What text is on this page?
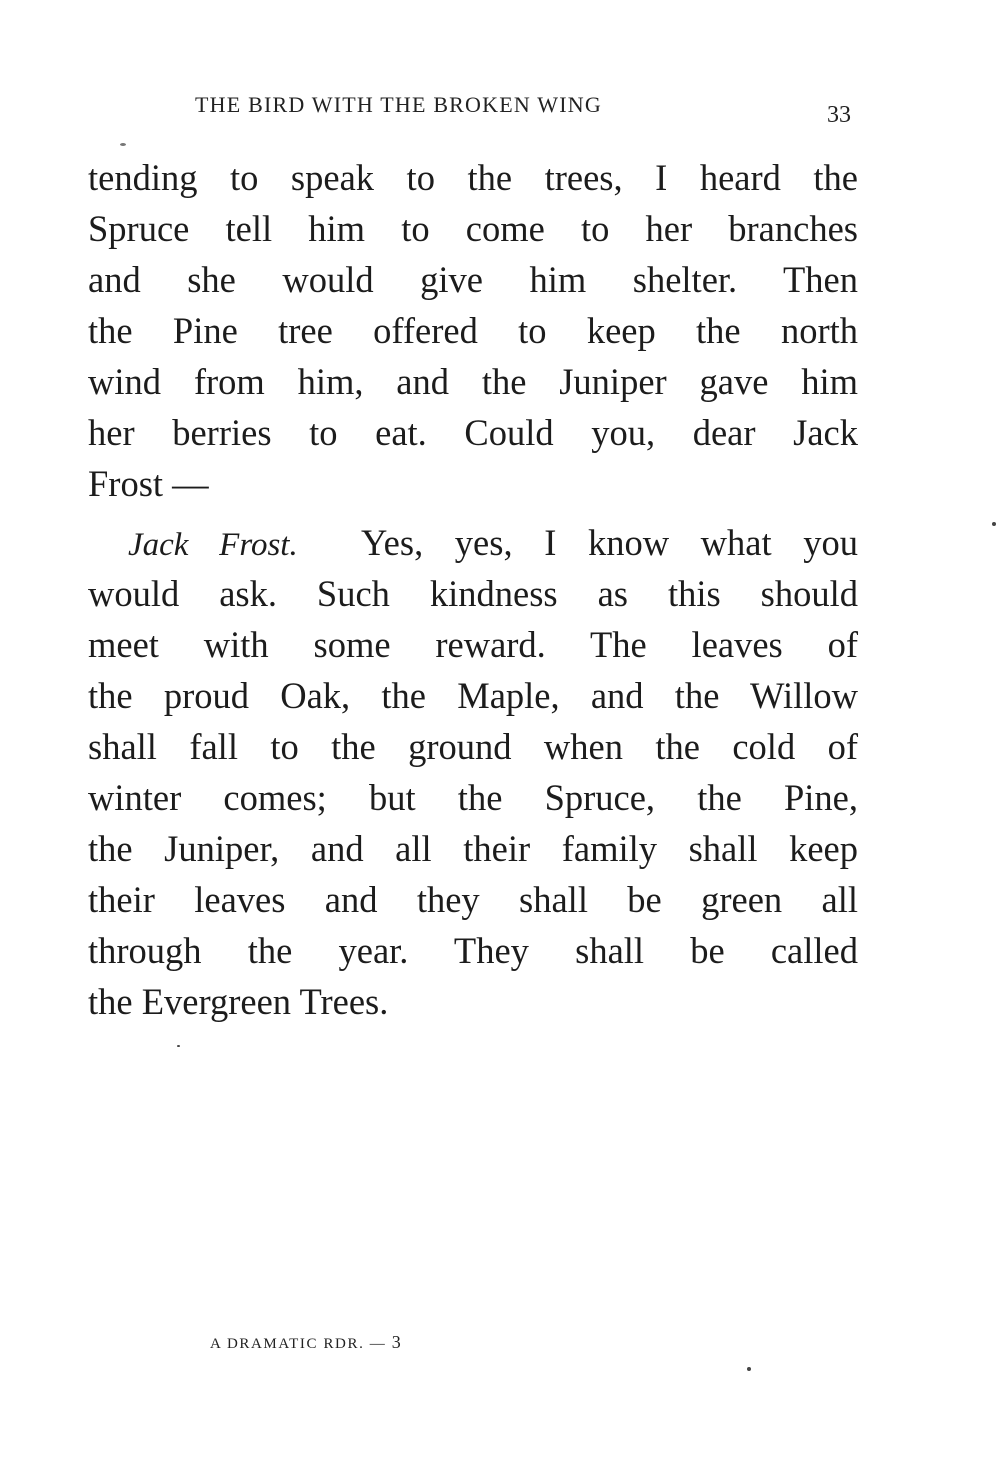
THE BIRD WITH THE BROKEN WING	33
tending to speak to the trees, I heard the
Spruce tell him to come to her branches
and she would give him shelter. Then
the Pine tree offered to keep the north
wind from him, and the Juniper gave him
her berries to eat. Could you, dear Jack
Frost —
Jack Frost. Yes, yes, I know what you
would ask. Such kindness as this should
meet with some reward. The leaves of
the proud Oak, the Maple, and the Willow
shall fall to the ground when the cold of
winter comes; but the Spruce, the Pine,
the Juniper, and all their family shall keep
their leaves and they shall be green all
through the year. They shall be called
the Evergreen Trees.
A DRAMATIC RDR. — 3
